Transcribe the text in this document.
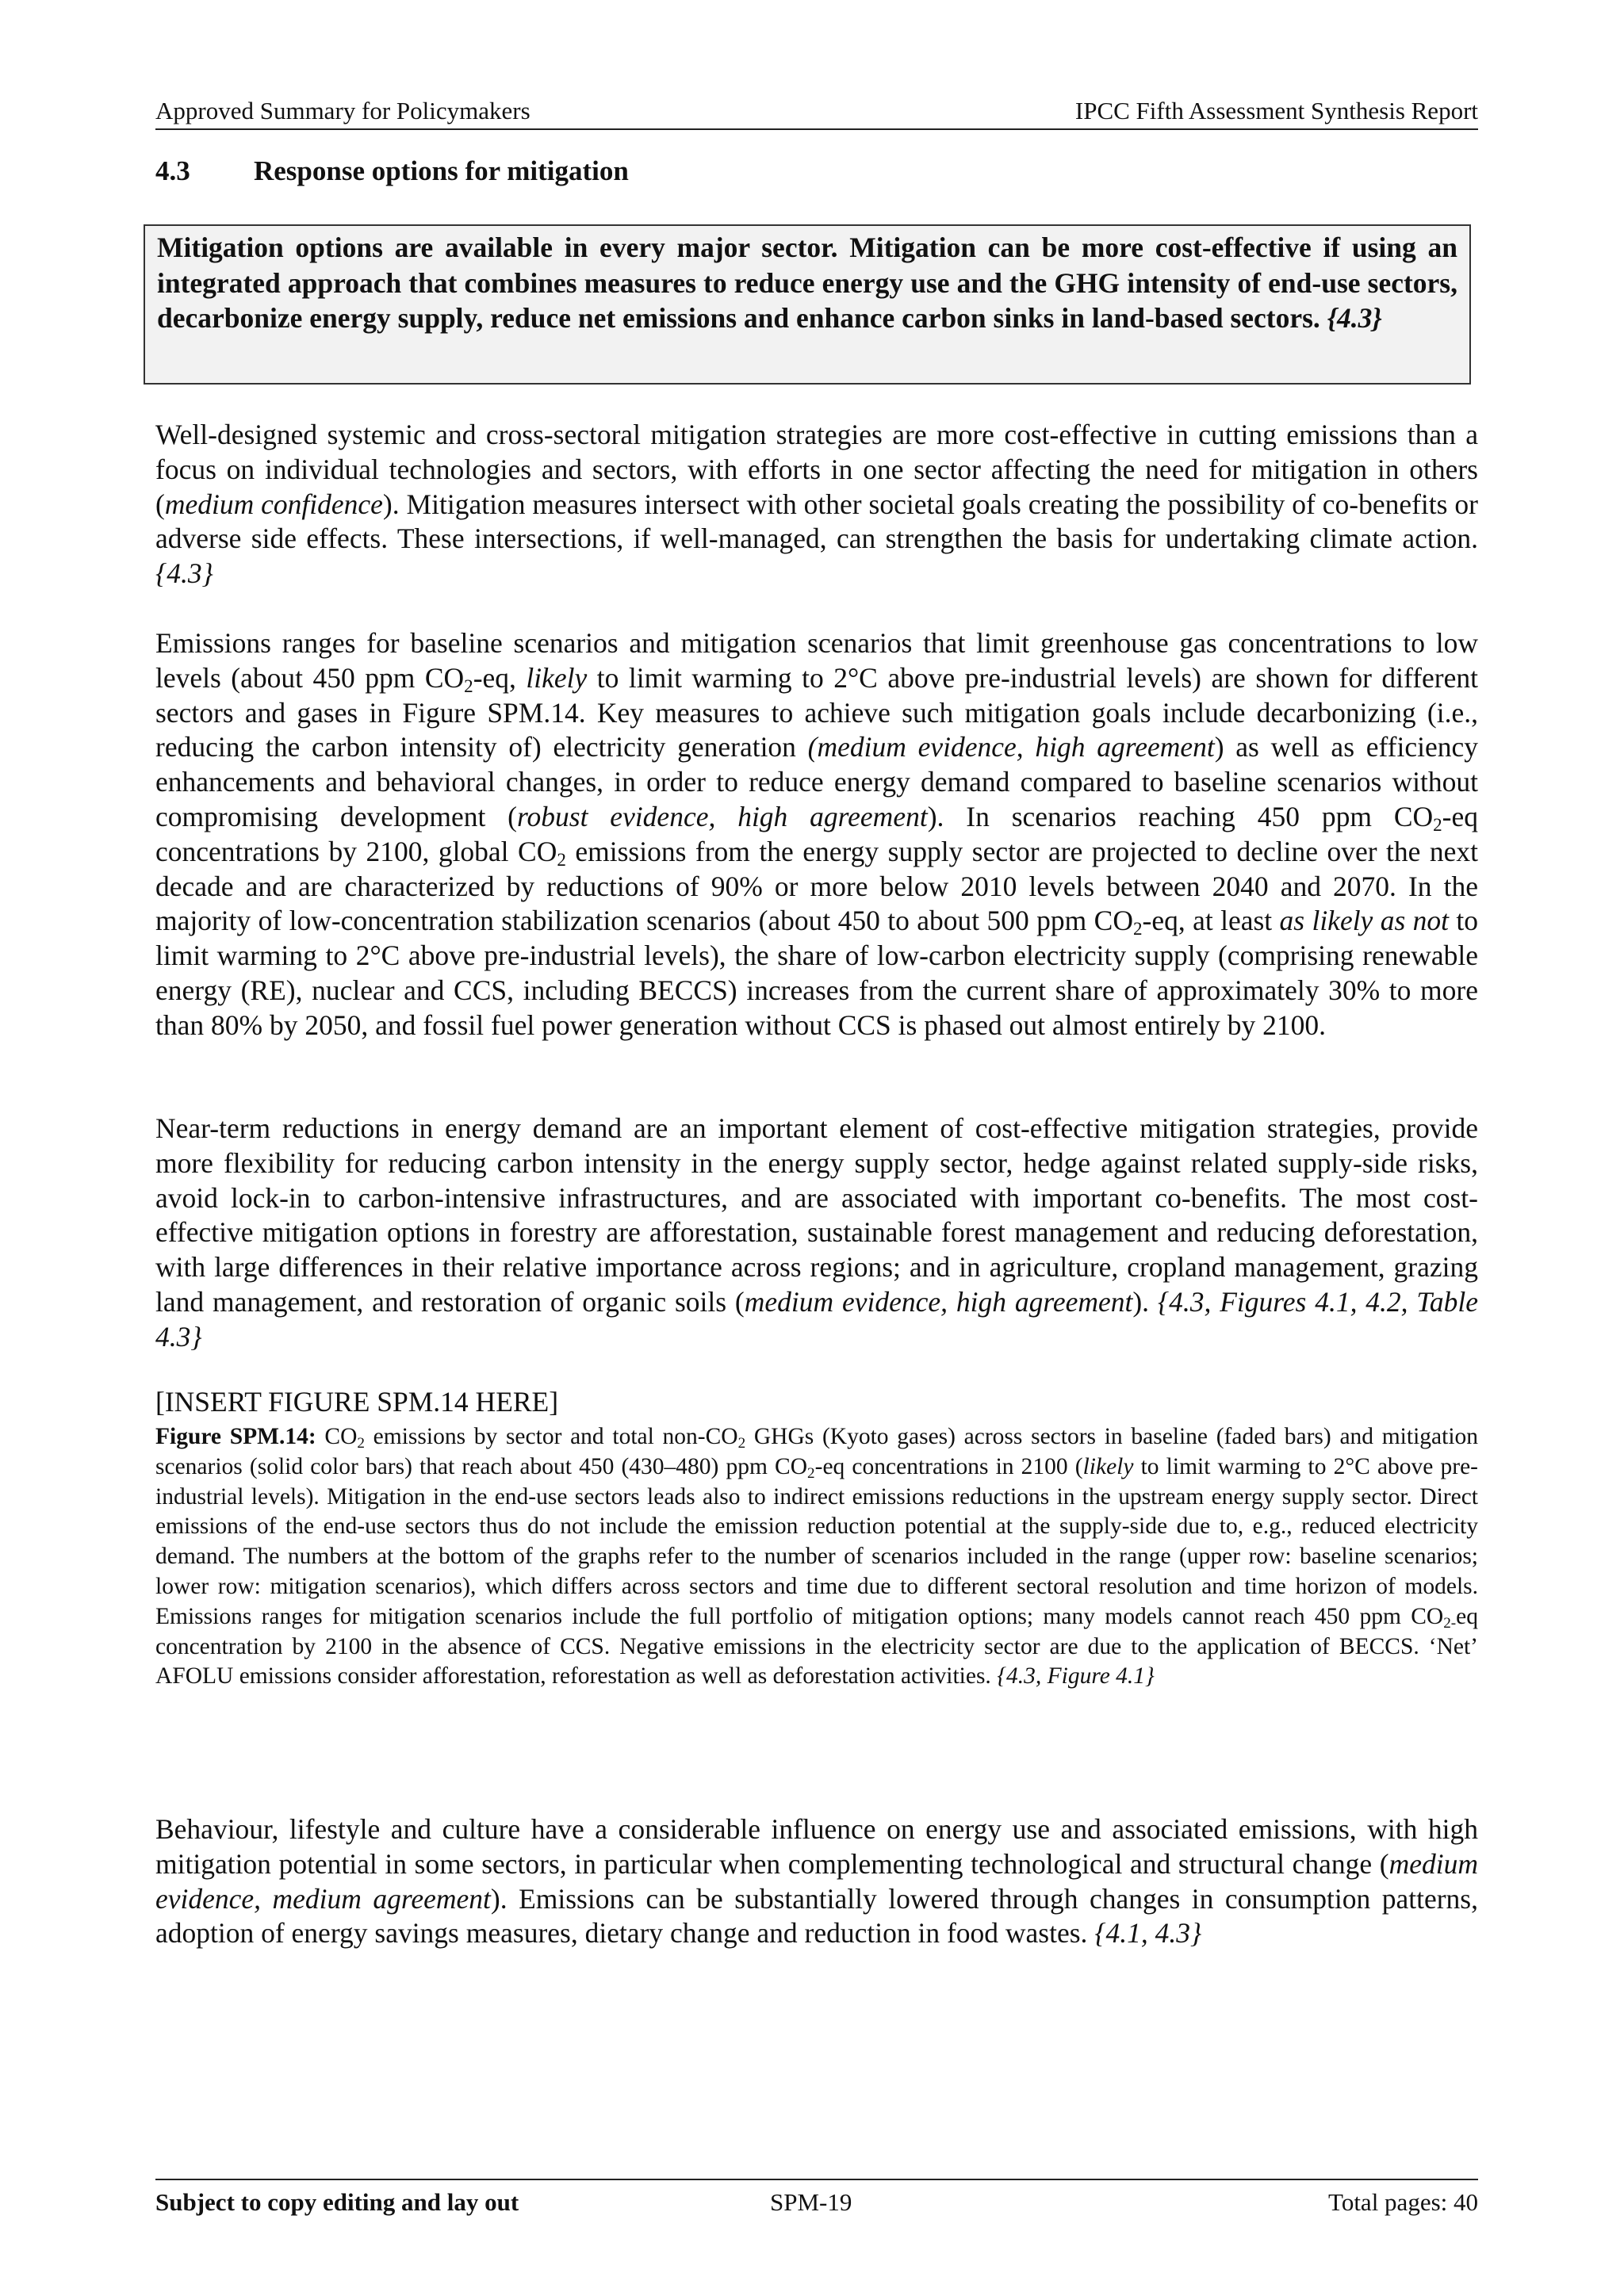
Approved Summary for Policymakers	IPCC Fifth Assessment Synthesis Report
4.3	Response options for mitigation
Mitigation options are available in every major sector. Mitigation can be more cost-effective if using an integrated approach that combines measures to reduce energy use and the GHG intensity of end-use sectors, decarbonize energy supply, reduce net emissions and enhance carbon sinks in land-based sectors. {4.3}

Well-designed systemic and cross-sectoral mitigation strategies are more cost-effective in cutting emissions than a focus on individual technologies and sectors, with efforts in one sector affecting the need for mitigation in others (medium confidence). Mitigation measures intersect with other societal goals creating the possibility of co-benefits or adverse side effects. These intersections, if well-managed, can strengthen the basis for undertaking climate action. {4.3}

Emissions ranges for baseline scenarios and mitigation scenarios that limit greenhouse gas concentrations to low levels (about 450 ppm $CO_2-eq$, likely to limit warming to 2°C above pre-industrial levels) are shown for different sectors and gases in Figure SPM.14. Key measures to achieve such mitigation goals include decarbonizing (i.e., reducing the carbon intensity of) electricity generation (medium evidence, high agreement) as well as efficiency enhancements and behavioral changes, in order to reduce energy demand compared to baseline scenarios without compromising development (robust evidence, high agreement). In scenarios reaching 450 ppm $CO_2-eq$ concentrations by 2100, global $CO_2$ emissions from the energy supply sector are projected to decline over the next decade and are characterized by reductions of 90% or more below 2010 levels between 2040 and 2070. In the majority of low-concentration stabilization scenarios (about 450 to about 500 ppm $CO_2-eq$, at least as likely as not to limit warming to 2°C above pre-industrial levels), the share of low-carbon electricity supply (comprising renewable energy (RE), nuclear and CCS, including BECCS) increases from the current share of approximately 30% to more than 80% by 2050, and fossil fuel power generation without CCS is phased out almost entirely by 2100.

Near-term reductions in energy demand are an important element of cost-effective mitigation strategies, provide more flexibility for reducing carbon intensity in the energy supply sector, hedge against related supply-side risks, avoid lock-in to carbon-intensive infrastructures, and are associated with important co-benefits. The most cost-effective mitigation options in forestry are afforestation, sustainable forest management and reducing deforestation, with large differences in their relative importance across regions; and in agriculture, cropland management, grazing land management, and restoration of organic soils (medium evidence, high agreement). {4.3, Figures 4.1, 4.2, Table 4.3}

[INSERT FIGURE SPM.14 HERE]

Figure SPM.14: $CO_2$ emissions by sector and total non-$CO_2$ GHGs (Kyoto gases) across sectors in baseline (faded bars) and mitigation scenarios (solid color bars) that reach about 450 (430–480) ppm $CO_2-eq$ concentrations in 2100 (likely to limit warming to 2°C above pre-industrial levels). Mitigation in the end-use sectors leads also to indirect emissions reductions in the upstream energy supply sector. Direct emissions of the end-use sectors thus do not include the emission reduction potential at the supply-side due to, e.g., reduced electricity demand. The numbers at the bottom of the graphs refer to the number of scenarios included in the range (upper row: baseline scenarios; lower row: mitigation scenarios), which differs across sectors and time due to different sectoral resolution and time horizon of models. Emissions ranges for mitigation scenarios include the full portfolio of mitigation options; many models cannot reach 450 ppm $CO_{2-}eq$ concentration by 2100 in the absence of CCS. Negative emissions in the electricity sector are due to the application of BECCS. ‘Net’ AFOLU emissions consider afforestation, reforestation as well as deforestation activities. {4.3, Figure 4.1}

Behaviour, lifestyle and culture have a considerable influence on energy use and associated emissions, with high mitigation potential in some sectors, in particular when complementing technological and structural change (medium evidence, medium agreement). Emissions can be substantially lowered through changes in consumption patterns, adoption of energy savings measures, dietary change and reduction in food wastes. {4.1, 4.3}

Subject to copy editing and lay out	SPM-19	Total pages: 40
